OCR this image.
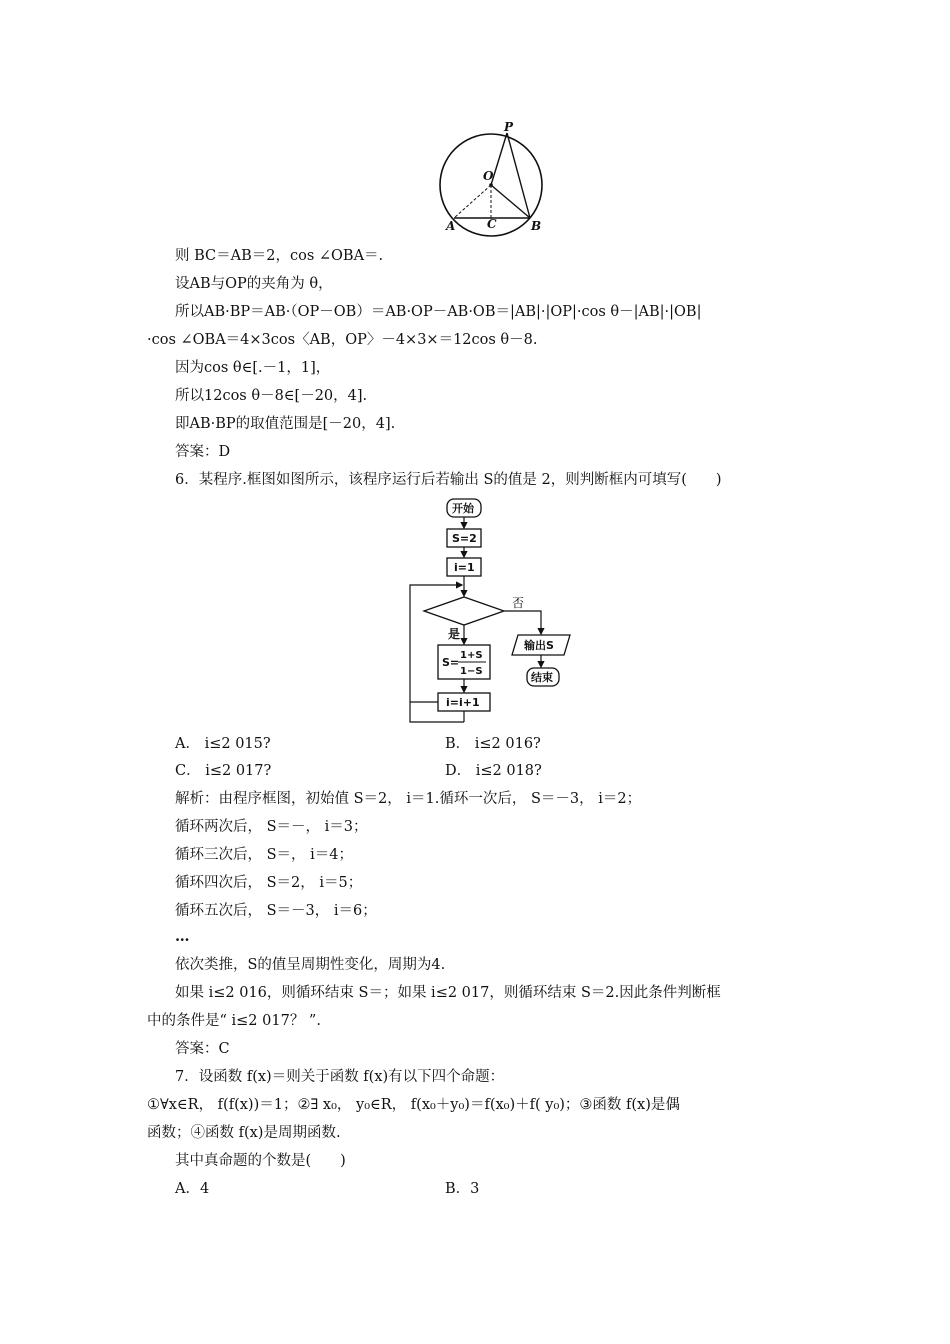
P
O
A	C	B
则 BC＝AB＝2，cos ∠OBA＝.
设AB与OP的夹角为 θ，
所以AB·BP＝AB·（OP－OB）＝AB·OP－AB·OB＝|AB|·|OP|·cos θ－|AB|·|OB|
·cos ∠OBA＝4×3cos〈AB，OP〉－4×3×＝12cos θ－8.
因为cos θ∈[.－1，1]，
所以12cos θ－8∈[－20，4].
即AB·BP的取值范围是[－20，4].
答案：D
6．某程序.框图如图所示，该程序运行后若输出 S的值是 2，则判断框内可填写(　　)
开始
S=2
i=1
否
是
S=
1+S
1−S
i=i+1
输出S
结束
A． i≤2 015?	B． i≤2 016?
C． i≤2 017?	D． i≤2 018?
解析：由程序框图，初始值 S＝2， i＝1.循环一次后， S＝－3， i＝2；
循环两次后， S＝－， i＝3；
循环三次后， S＝， i＝4；
循环四次后， S＝2， i＝5；
循环五次后， S＝－3， i＝6；
…
依次类推，S的值呈周期性变化，周期为4.
如果 i≤2 016，则循环结束 S＝；如果 i≤2 017，则循环结束 S＝2.因此条件判断框
中的条件是“ i≤2 017？ ”.
答案：C
7．设函数 f(x)＝则关于函数 f(x)有以下四个命题：
①∀x∈R， f(f(x))＝1；②∃ x₀， y₀∈R， f(x₀＋y₀)＝f(x₀)＋f( y₀)；③函数 f(x)是偶
函数；④函数 f(x)是周期函数.
其中真命题的个数是(　　)
A．4	B．3
